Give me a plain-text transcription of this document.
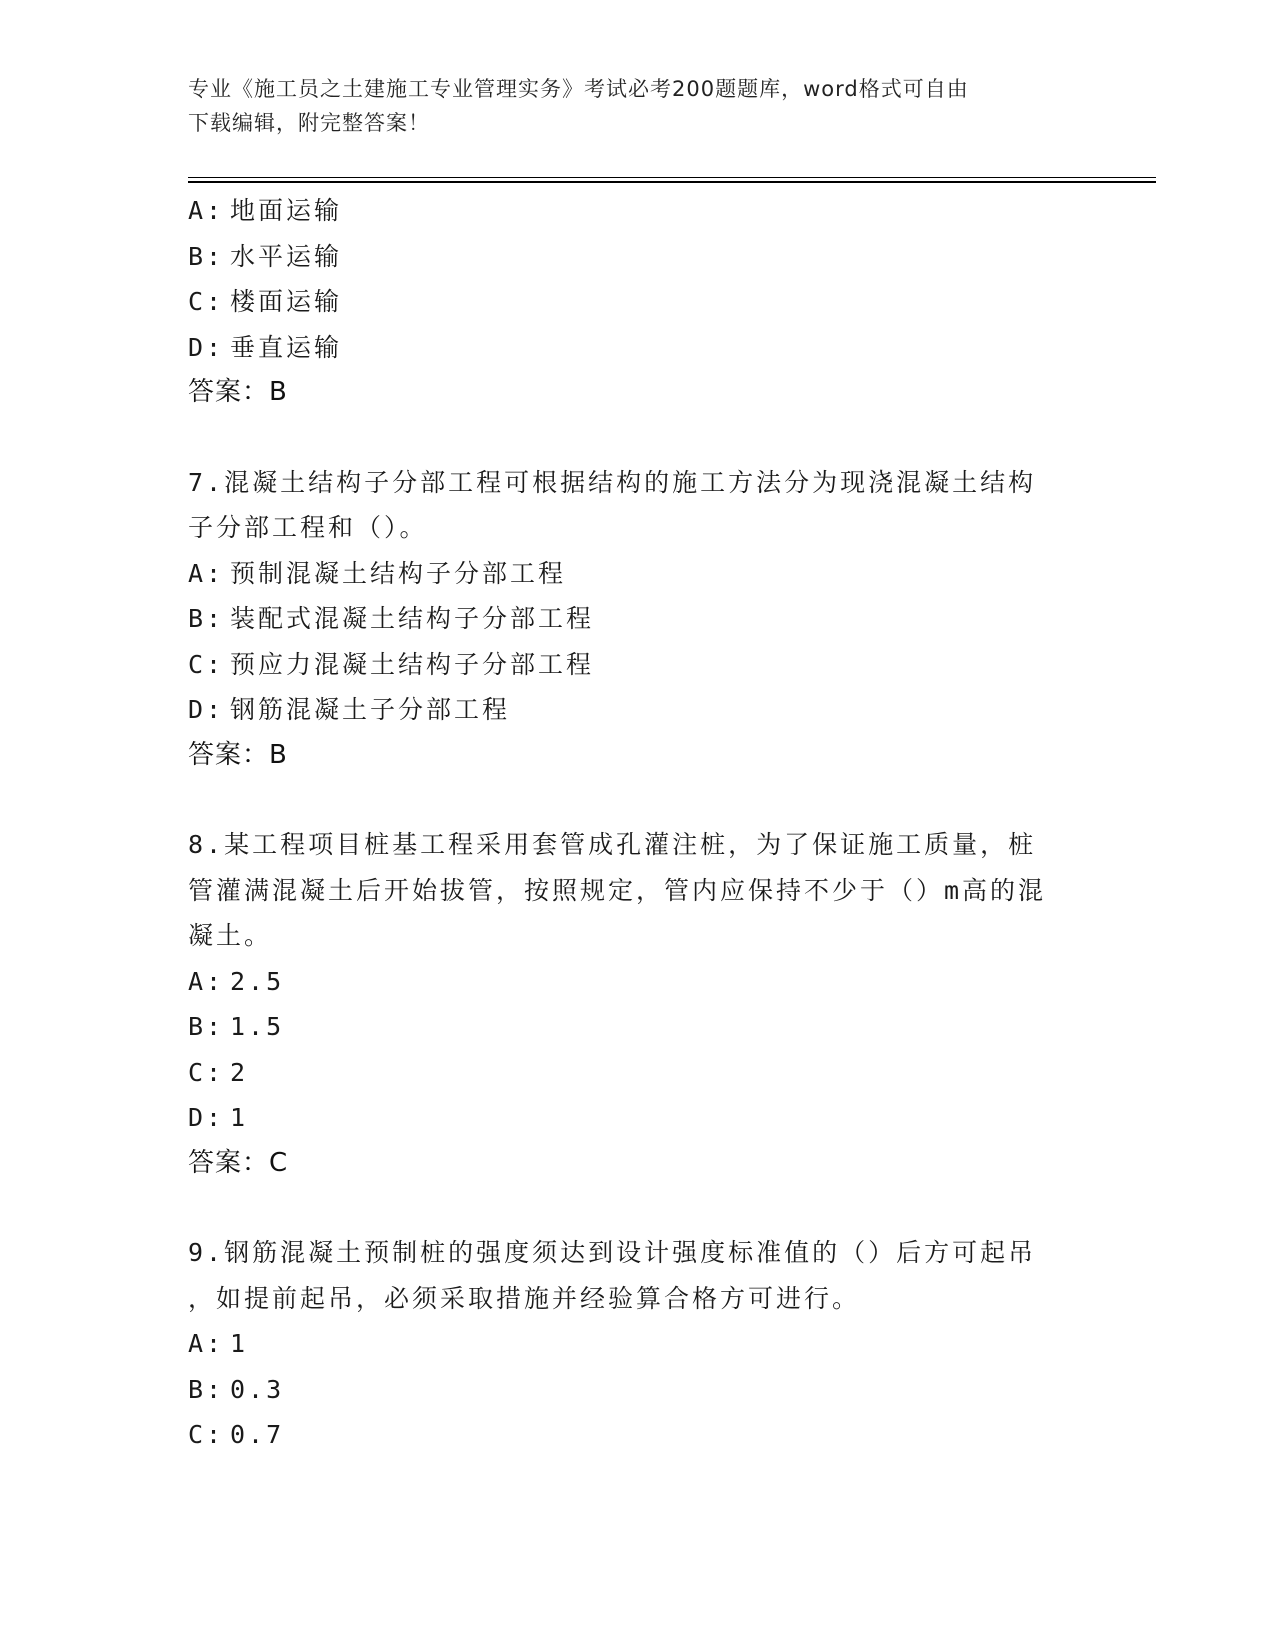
专业《施工员之土建施工专业管理实务》考试必考200题题库，word格式可自由
下载编辑，附完整答案！
A: 地面运输
B: 水平运输
C: 楼面运输
D: 垂直运输
答案：B
7.混凝土结构子分部工程可根据结构的施工方法分为现浇混凝土结构
子分部工程和（）。
A: 预制混凝土结构子分部工程
B: 装配式混凝土结构子分部工程
C: 预应力混凝土结构子分部工程
D: 钢筋混凝土子分部工程
答案：B
8.某工程项目桩基工程采用套管成孔灌注桩，为了保证施工质量，桩
管灌满混凝土后开始拔管，按照规定，管内应保持不少于（）m高的混
凝土。
A: 2.5
B: 1.5
C: 2
D: 1
答案：C
9.钢筋混凝土预制桩的强度须达到设计强度标准值的（）后方可起吊
，如提前起吊，必须采取措施并经验算合格方可进行。
A: 1
B: 0.3
C: 0.7
